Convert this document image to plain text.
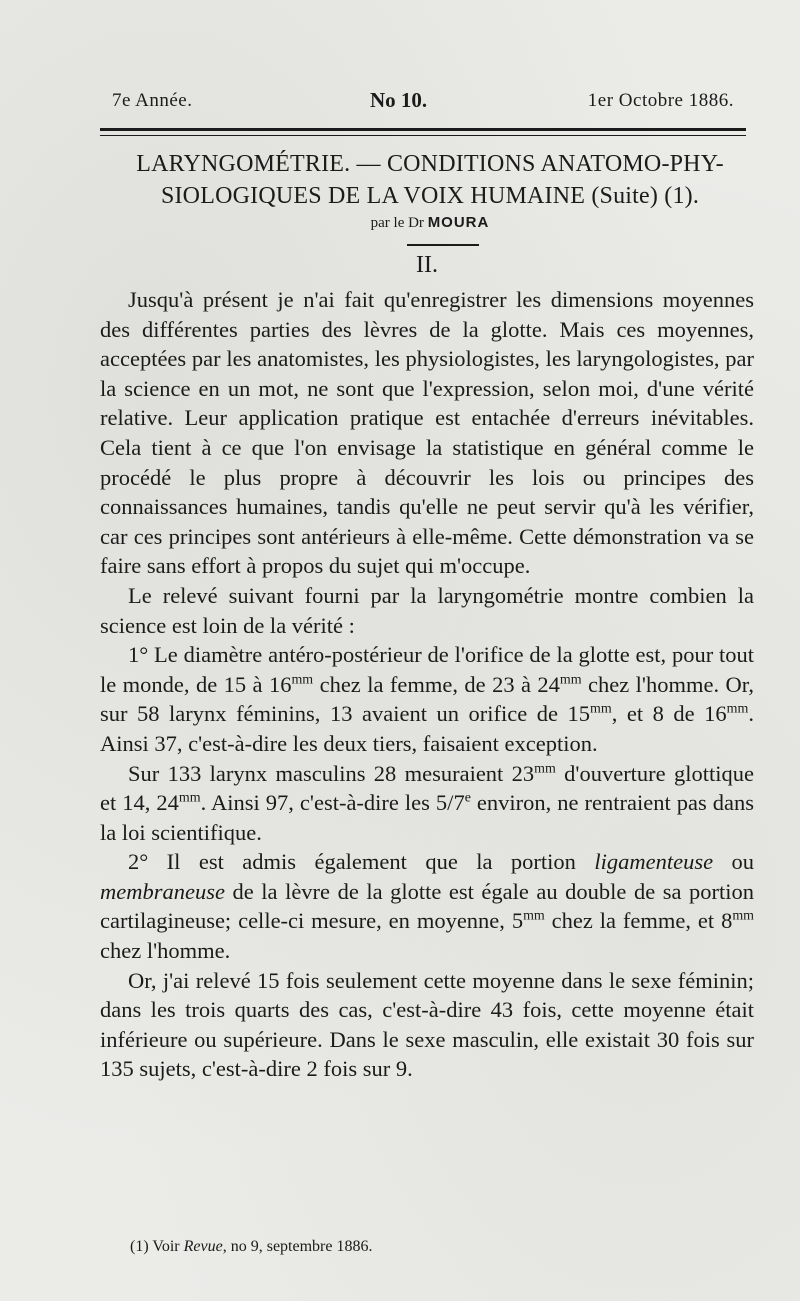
7e Année.	No 10.	1er Octobre 1886.
LARYNGOMÉTRIE. — CONDITIONS ANATOMO-PHY-
SIOLOGIQUES DE LA VOIX HUMAINE (Suite) (1).
par le Dr MOURA
II.

Jusqu'à présent je n'ai fait qu'enregistrer les dimensions moyennes des différentes parties des lèvres de la glotte. Mais ces moyennes, acceptées par les anatomistes, les physiologistes, les laryngologistes, par la science en un mot, ne sont que l'expression, selon moi, d'une vérité relative. Leur application pratique est entachée d'erreurs inévitables. Cela tient à ce que l'on envisage la statistique en général comme le procédé le plus propre à découvrir les lois ou principes des connaissances humaines, tandis qu'elle ne peut servir qu'à les vérifier, car ces principes sont antérieurs à elle-même. Cette démonstration va se faire sans effort à propos du sujet qui m'occupe.

Le relevé suivant fourni par la laryngométrie montre combien la science est loin de la vérité :

1° Le diamètre antéro-postérieur de l'orifice de la glotte est, pour tout le monde, de 15 à $16^{mm}$ chez la femme, de 23 à $24^{mm}$ chez l'homme. Or, sur 58 larynx féminins, 13 avaient un orifice de $15^{mm}$, et 8 de $16^{mm}$. Ainsi 37, c'est-à-dire les deux tiers, faisaient exception.

Sur 133 larynx masculins 28 mesuraient $23^{mm}$ d'ouverture glottique et 14, $24^{mm}$. Ainsi 97, c'est-à-dire les 5/7e environ, ne rentraient pas dans la loi scientifique.

2° Il est admis également que la portion ligamenteuse ou membraneuse de la lèvre de la glotte est égale au double de sa portion cartilagineuse; celle-ci mesure, en moyenne, $5^{mm}$ chez la femme, et $8^{mm}$ chez l'homme.

Or, j'ai relevé 15 fois seulement cette moyenne dans le sexe féminin; dans les trois quarts des cas, c'est-à-dire 43 fois, cette moyenne était inférieure ou supérieure. Dans le sexe masculin, elle existait 30 fois sur 135 sujets, c'est-à-dire 2 fois sur 9.

(1) Voir Revue, no 9, septembre 1886.
